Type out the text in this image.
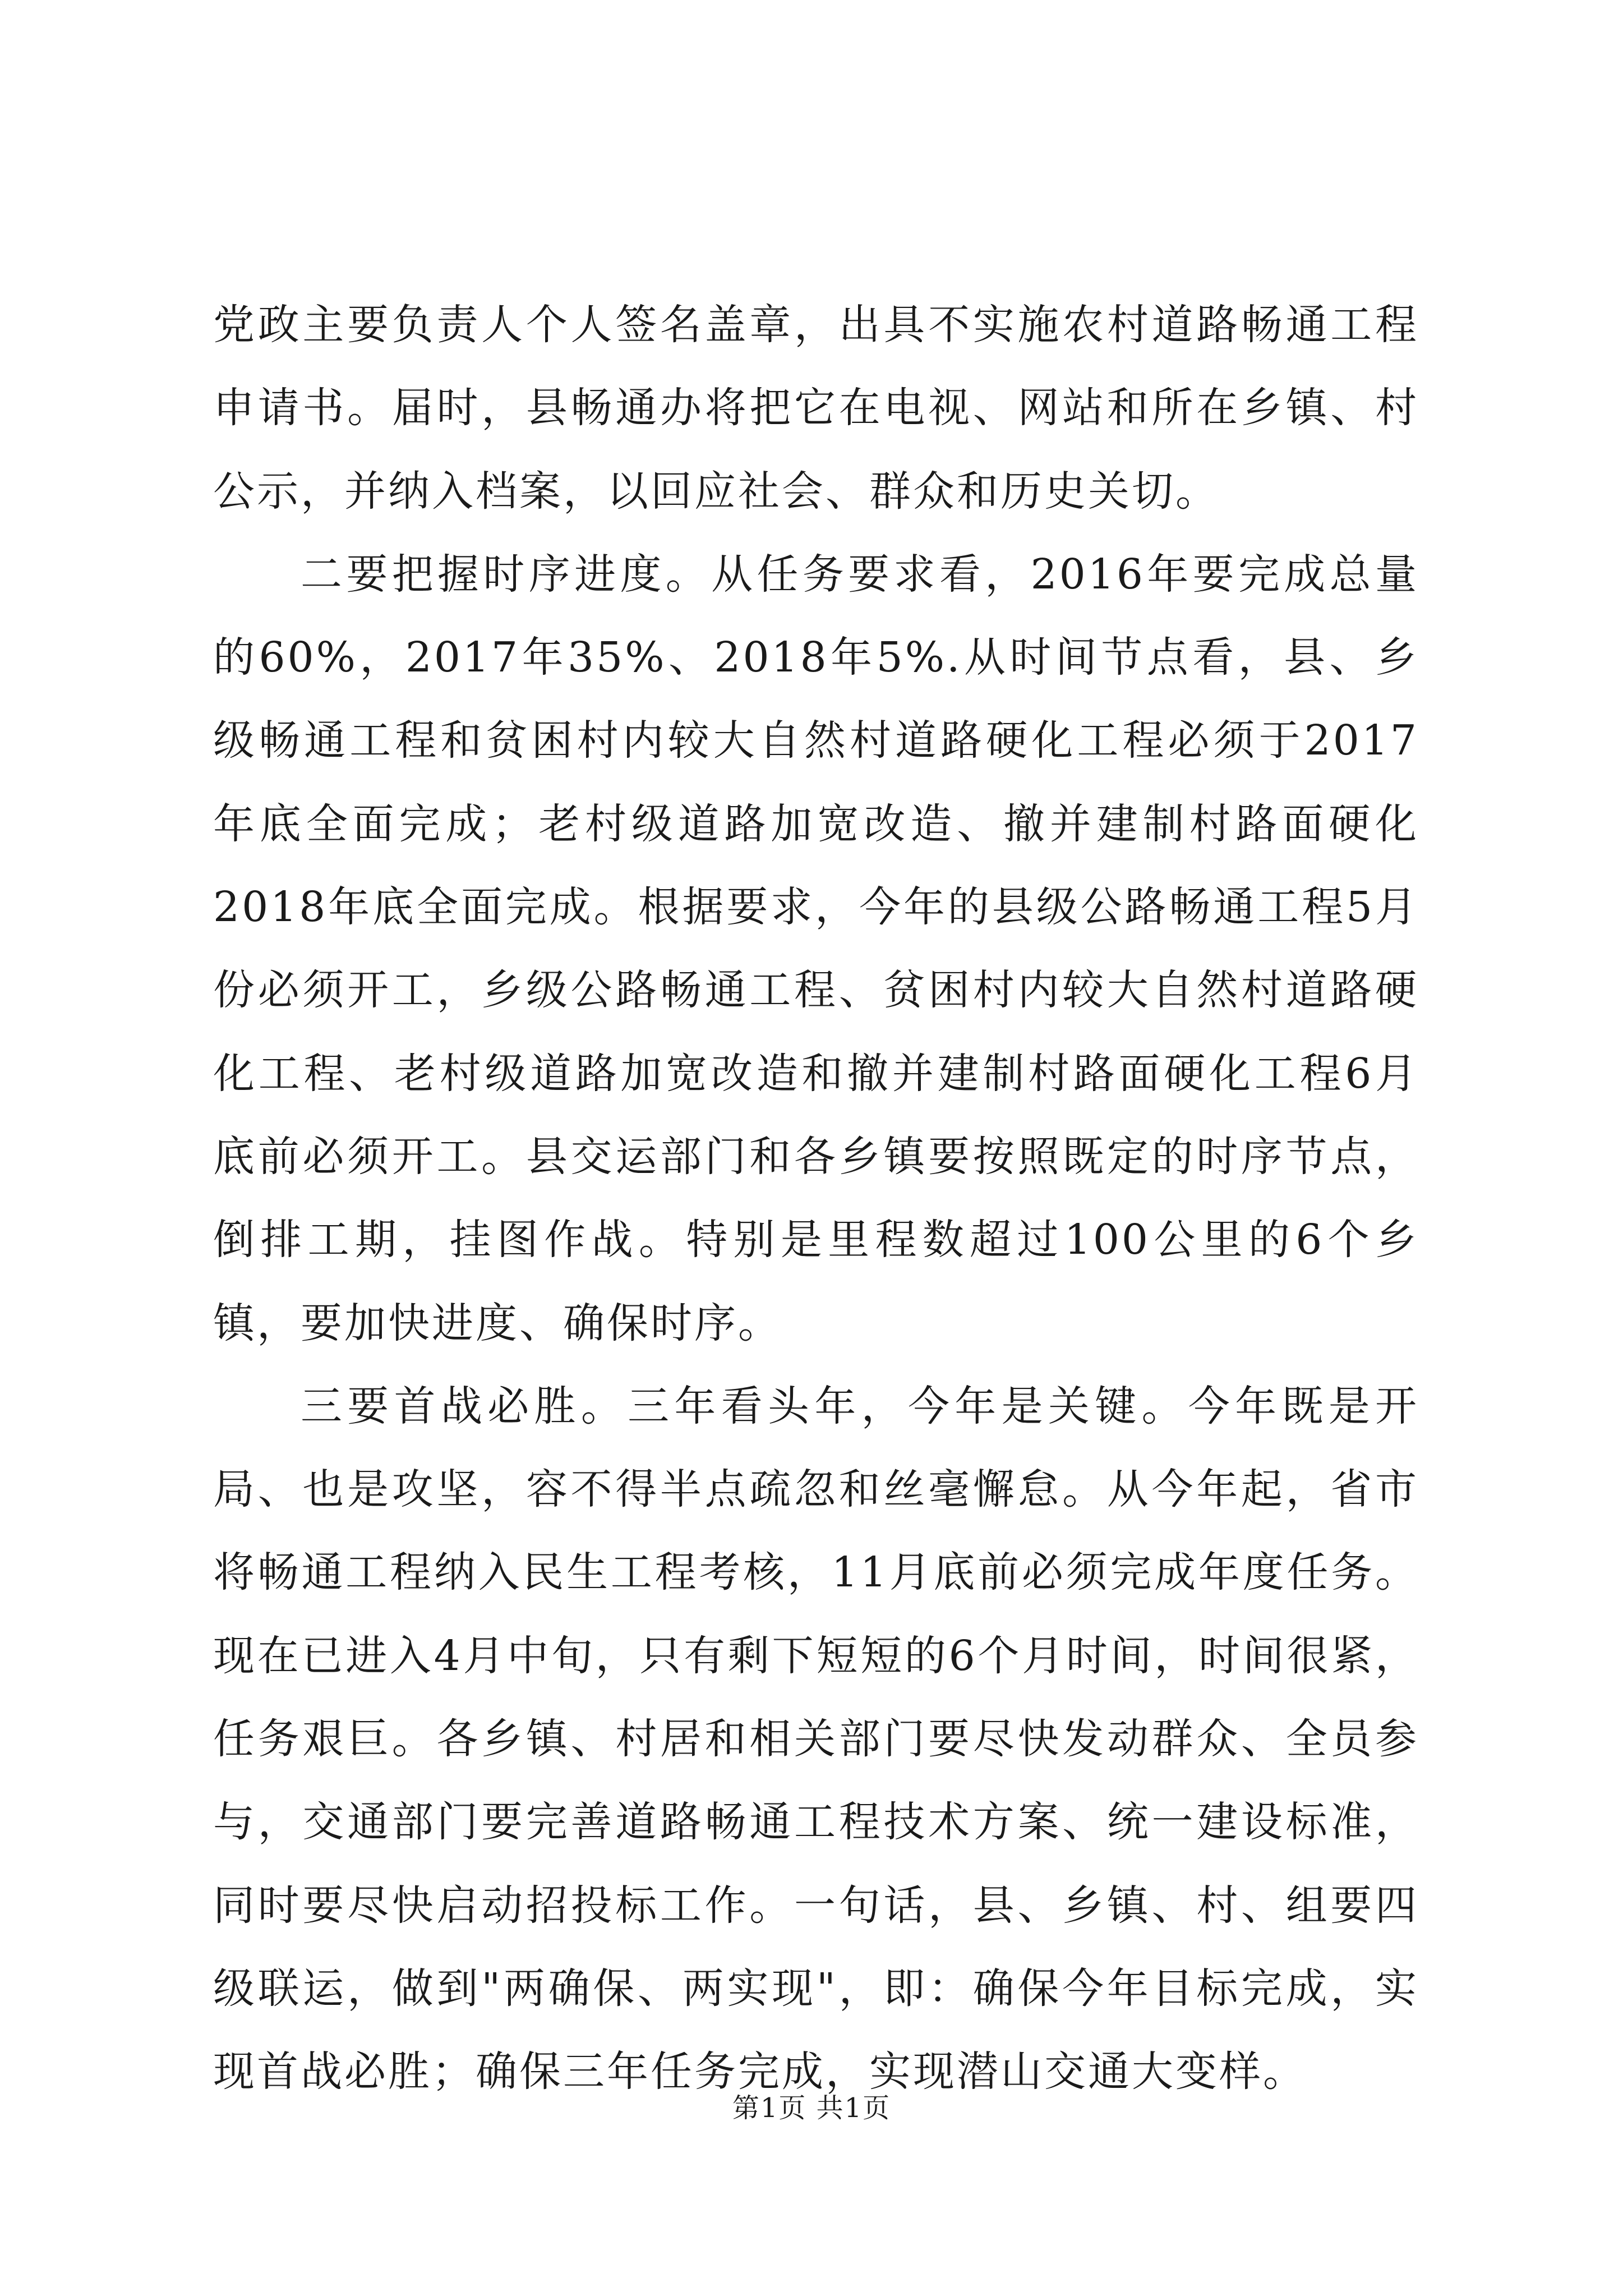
党政主要负责人个人签名盖章，出具不实施农村道路畅通工程申请书。届时，县畅通办将把它在电视、网站和所在乡镇、村公示，并纳入档案，以回应社会、群众和历史关切。

二要把握时序进度。从任务要求看，2016年要完成总量的60%，2017年35%、2018年5%.从时间节点看，县、乡级畅通工程和贫困村内较大自然村道路硬化工程必须于2017年底全面完成；老村级道路加宽改造、撤并建制村路面硬化2018年底全面完成。根据要求，今年的县级公路畅通工程5月份必须开工，乡级公路畅通工程、贫困村内较大自然村道路硬化工程、老村级道路加宽改造和撤并建制村路面硬化工程6月底前必须开工。县交运部门和各乡镇要按照既定的时序节点，倒排工期，挂图作战。特别是里程数超过100公里的6个乡镇，要加快进度、确保时序。

三要首战必胜。三年看头年，今年是关键。今年既是开局、也是攻坚，容不得半点疏忽和丝毫懈怠。从今年起，省市将畅通工程纳入民生工程考核，11月底前必须完成年度任务。现在已进入4月中旬，只有剩下短短的6个月时间，时间很紧，任务艰巨。各乡镇、村居和相关部门要尽快发动群众、全员参与，交通部门要完善道路畅通工程技术方案、统一建设标准，同时要尽快启动招投标工作。一句话，县、乡镇、村、组要四级联运，做到"两确保、两实现"，即：确保今年目标完成，实现首战必胜；确保三年任务完成，实现潜山交通大变样。

第1页 共1页
